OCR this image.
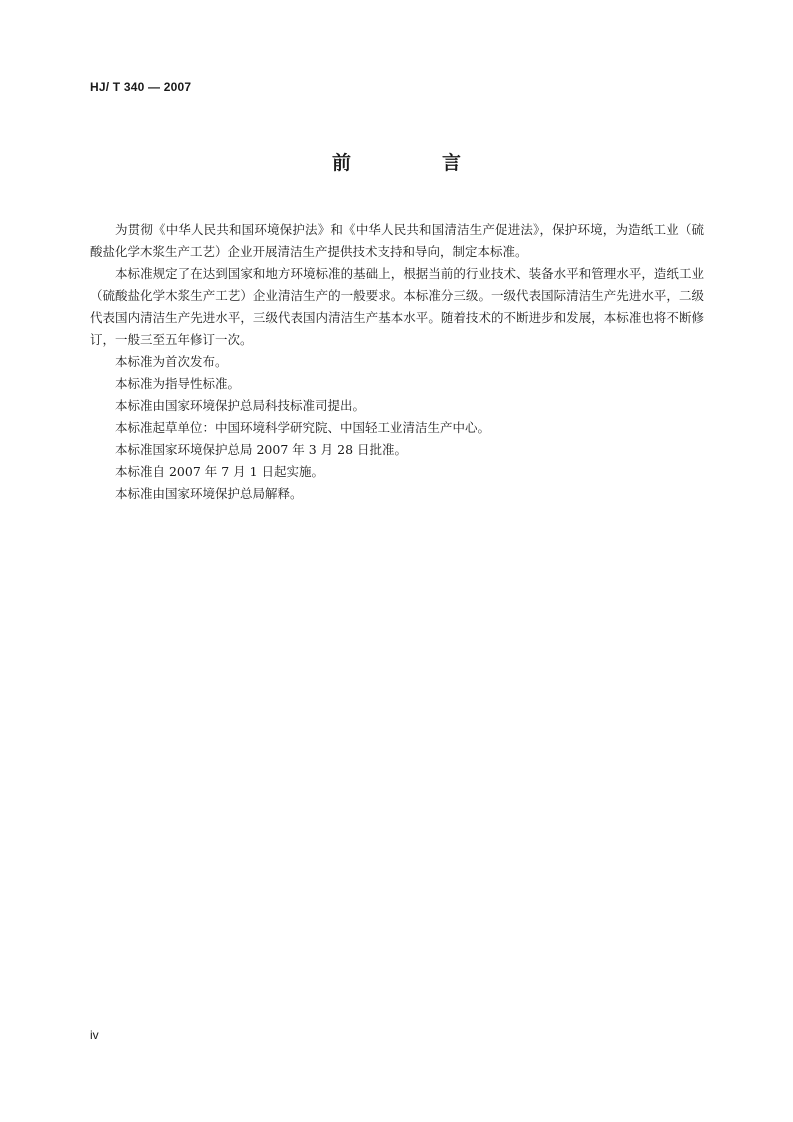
HJ/ T 340 — 2007
前　言

为贯彻《中华人民共和国环境保护法》和《中华人民共和国清洁生产促进法》，保护环境，为造纸工业（硫酸盐化学木浆生产工艺）企业开展清洁生产提供技术支持和导向，制定本标准。

本标准规定了在达到国家和地方环境标准的基础上，根据当前的行业技术、装备水平和管理水平，造纸工业（硫酸盐化学木浆生产工艺）企业清洁生产的一般要求。本标准分三级。一级代表国际清洁生产先进水平，二级代表国内清洁生产先进水平，三级代表国内清洁生产基本水平。随着技术的不断进步和发展，本标准也将不断修订，一般三至五年修订一次。

本标准为首次发布。

本标准为指导性标准。

本标准由国家环境保护总局科技标准司提出。

本标准起草单位：中国环境科学研究院、中国轻工业清洁生产中心。

本标准国家环境保护总局 2007 年 3 月 28 日批准。

本标准自 2007 年 7 月 1 日起实施。

本标准由国家环境保护总局解释。

iv
